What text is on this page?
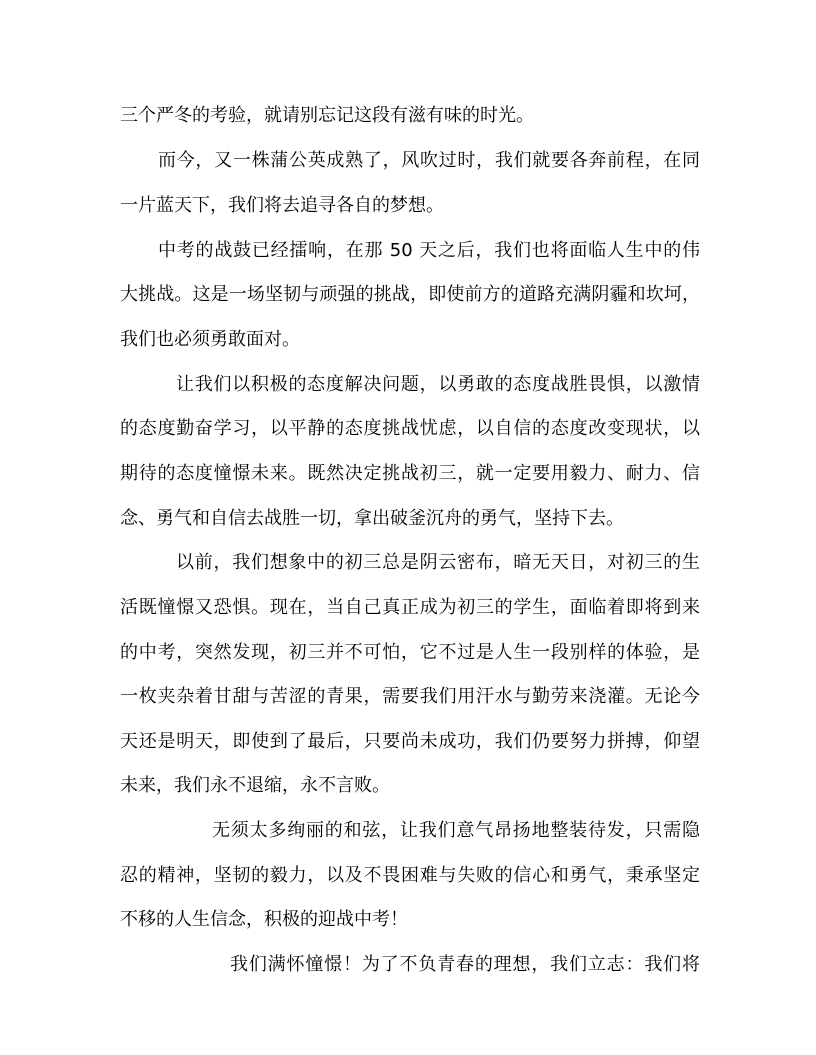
三个严冬的考验，就请别忘记这段有滋有味的时光。
而今，又一株蒲公英成熟了，风吹过时，我们就要各奔前程，在同
一片蓝天下，我们将去追寻各自的梦想。
中考的战鼓已经擂响，在那 50 天之后，我们也将面临人生中的伟
大挑战。这是一场坚韧与顽强的挑战，即使前方的道路充满阴霾和坎坷，
我们也必须勇敢面对。
让我们以积极的态度解决问题，以勇敢的态度战胜畏惧，以激情
的态度勤奋学习，以平静的态度挑战忧虑，以自信的态度改变现状，以
期待的态度憧憬未来。既然决定挑战初三，就一定要用毅力、耐力、信
念、勇气和自信去战胜一切，拿出破釜沉舟的勇气，坚持下去。
以前，我们想象中的初三总是阴云密布，暗无天日，对初三的生
活既憧憬又恐惧。现在，当自己真正成为初三的学生，面临着即将到来
的中考，突然发现，初三并不可怕，它不过是人生一段别样的体验，是
一枚夹杂着甘甜与苦涩的青果，需要我们用汗水与勤劳来浇灌。无论今
天还是明天，即使到了最后，只要尚未成功，我们仍要努力拼搏，仰望
未来，我们永不退缩，永不言败。
无须太多绚丽的和弦，让我们意气昂扬地整装待发，只需隐
忍的精神，坚韧的毅力，以及不畏困难与失败的信心和勇气，秉承坚定
不移的人生信念，积极的迎战中考！
我们满怀憧憬！为了不负青春的理想，我们立志：我们将
